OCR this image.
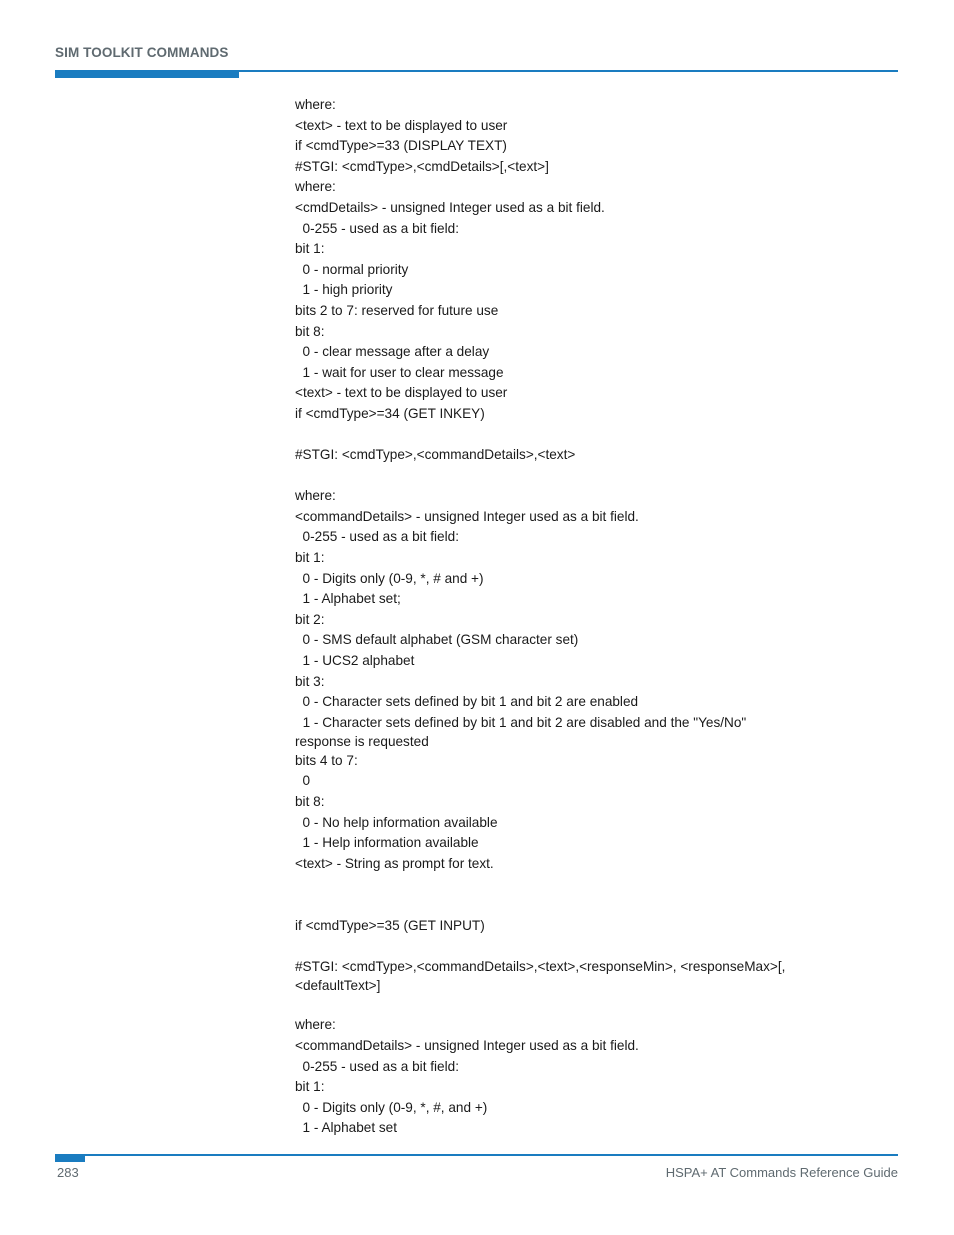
SIM TOOLKIT COMMANDS
where:
<text> - text to be displayed to user
if <cmdType>=33 (DISPLAY TEXT)
#STGI: <cmdType>,<cmdDetails>[,<text>]
where:
<cmdDetails> - unsigned Integer used as a bit field.
0-255 - used as a bit field:
bit 1:
0 - normal priority
1 - high priority
bits 2 to 7: reserved for future use
bit 8:
0 - clear message after a delay
1 - wait for user to clear message
<text> - text to be displayed to user
if <cmdType>=34 (GET INKEY)
#STGI: <cmdType>,<commandDetails>,<text>
where:
<commandDetails> - unsigned Integer used as a bit field.
0-255 - used as a bit field:
bit 1:
0 - Digits only (0-9, *, # and +)
1 - Alphabet set;
bit 2:
0 - SMS default alphabet (GSM character set)
1 - UCS2 alphabet
bit 3:
0 - Character sets defined by bit 1 and bit 2 are enabled
1 - Character sets defined by bit 1 and bit 2 are disabled and the "Yes/No" response is requested
bits 4 to 7:
0
bit 8:
0 - No help information available
1 - Help information available
<text> - String as prompt for text.
if <cmdType>=35 (GET INPUT)
#STGI: <cmdType>,<commandDetails>,<text>,<responseMin>, <responseMax>[,<defaultText>]
where:
<commandDetails> - unsigned Integer used as a bit field.
0-255 - used as a bit field:
bit 1:
0 - Digits only (0-9, *, #, and +)
1 - Alphabet set
283	HSPA+ AT Commands Reference Guide
